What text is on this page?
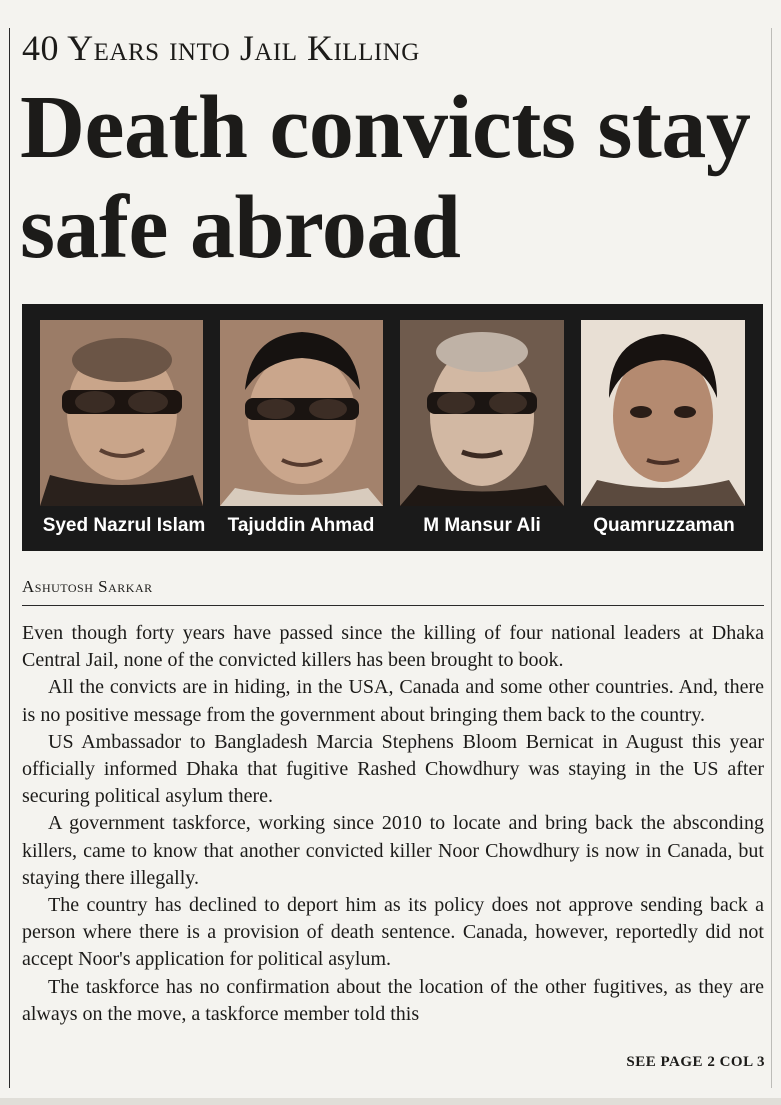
40 Years into Jail Killing
Death convicts stay safe abroad
Syed Nazrul Islam	Tajuddin Ahmad	M Mansur Ali	Quamruzzaman
Ashutosh Sarkar

Even though forty years have passed since the killing of four national leaders at Dhaka Central Jail, none of the convicted killers has been brought to book.

All the convicts are in hiding, in the USA, Canada and some other countries. And, there is no positive message from the government about bringing them back to the country.

US Ambassador to Bangladesh Marcia Stephens Bloom Bernicat in August this year officially informed Dhaka that fugitive Rashed Chowdhury was staying in the US after securing political asylum there.

A government taskforce, working since 2010 to locate and bring back the absconding killers, came to know that another convicted killer Noor Chowdhury is now in Canada, but staying there illegally.

The country has declined to deport him as its policy does not approve sending back a person where there is a provision of death sentence. Canada, however, reportedly did not accept Noor's application for political asylum.

The taskforce has no confirmation about the location of the other fugitives, as they are always on the move, a taskforce member told this

SEE PAGE 2 COL 3
